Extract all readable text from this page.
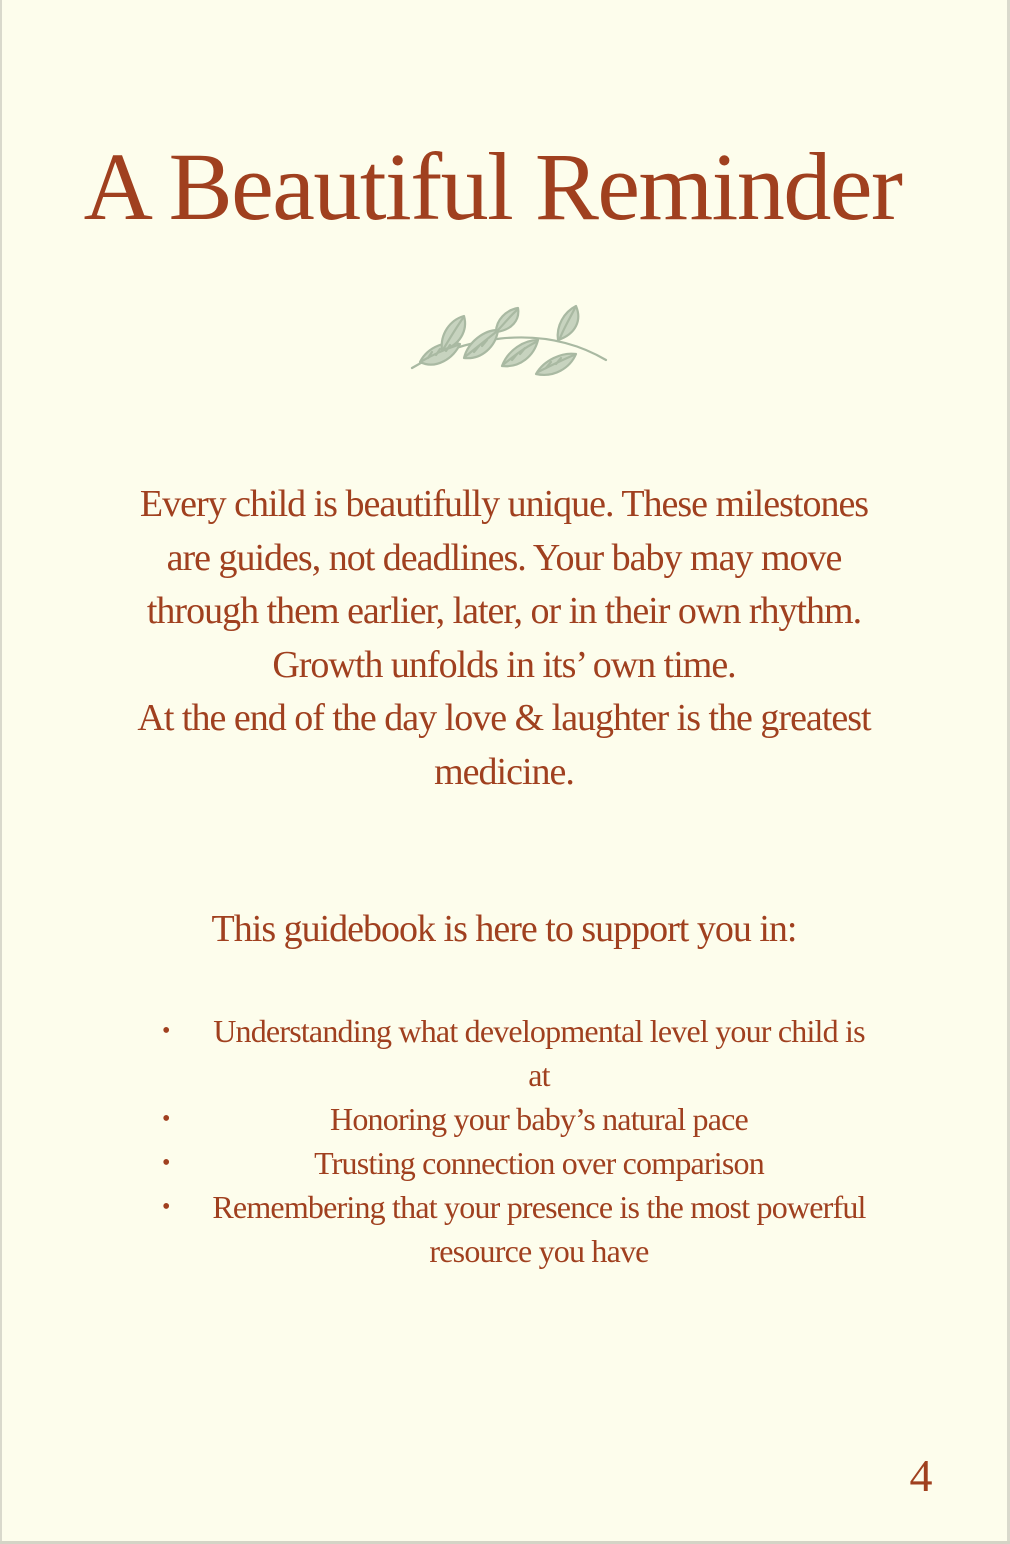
A Beautiful Reminder

Every child is beautifully unique. These milestones are guides, not deadlines. Your baby may move through them earlier, later, or in their own rhythm. Growth unfolds in its’ own time.

At the end of the day love & laughter is the greatest medicine.

This guidebook is here to support you in:
• Understanding what developmental level your child is at
•	Honoring your baby’s natural pace
•	Trusting connection over comparison
• Remembering that your presence is the most powerful resource you have
4
